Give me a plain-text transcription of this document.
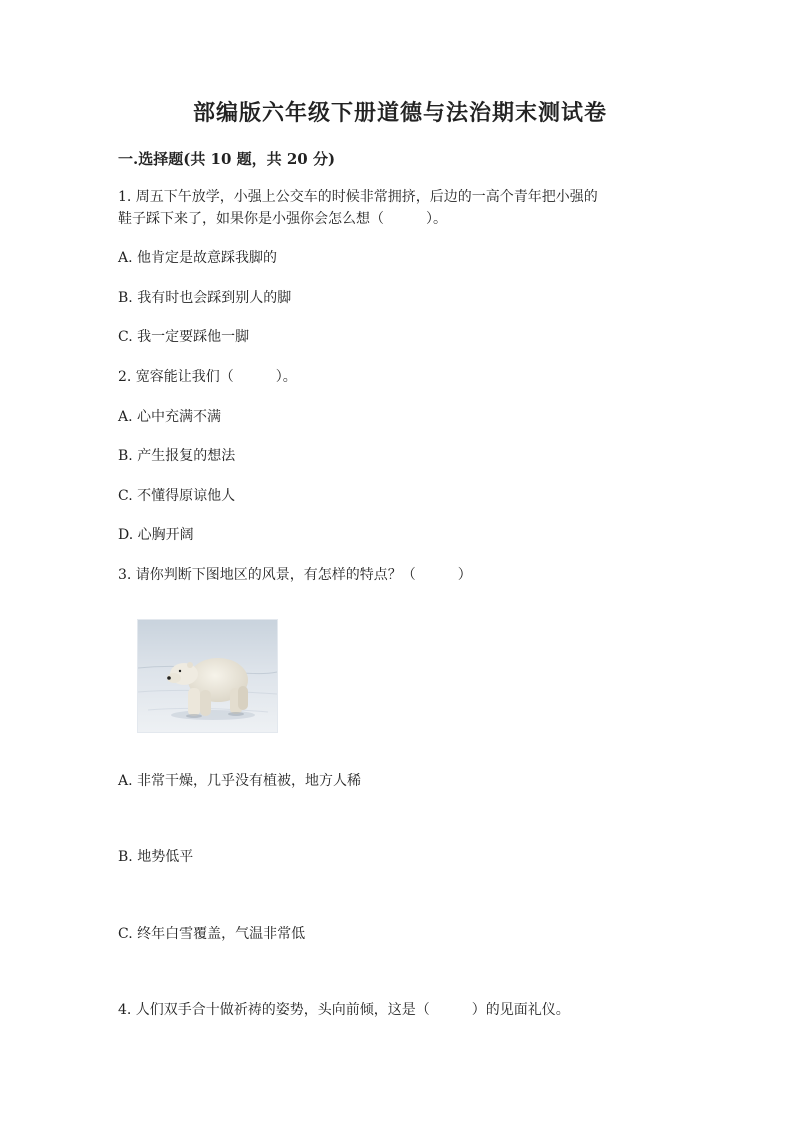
部编版六年级下册道德与法治期末测试卷
一.选择题(共 10 题，共 20 分)
1. 周五下午放学，小强上公交车的时候非常拥挤，后边的一高个青年把小强的
鞋子踩下来了，如果你是小强你会怎么想（　　　）。
A. 他肯定是故意踩我脚的
B. 我有时也会踩到别人的脚
C. 我一定要踩他一脚
2. 宽容能让我们（　　　）。
A. 心中充满不满
B. 产生报复的想法
C. 不懂得原谅他人
D. 心胸开阔
3. 请你判断下图地区的风景，有怎样的特点？（　　　）
A. 非常干燥，几乎没有植被，地方人稀
B. 地势低平
C. 终年白雪覆盖，气温非常低
4. 人们双手合十做祈祷的姿势，头向前倾，这是（　　　）的见面礼仪。
